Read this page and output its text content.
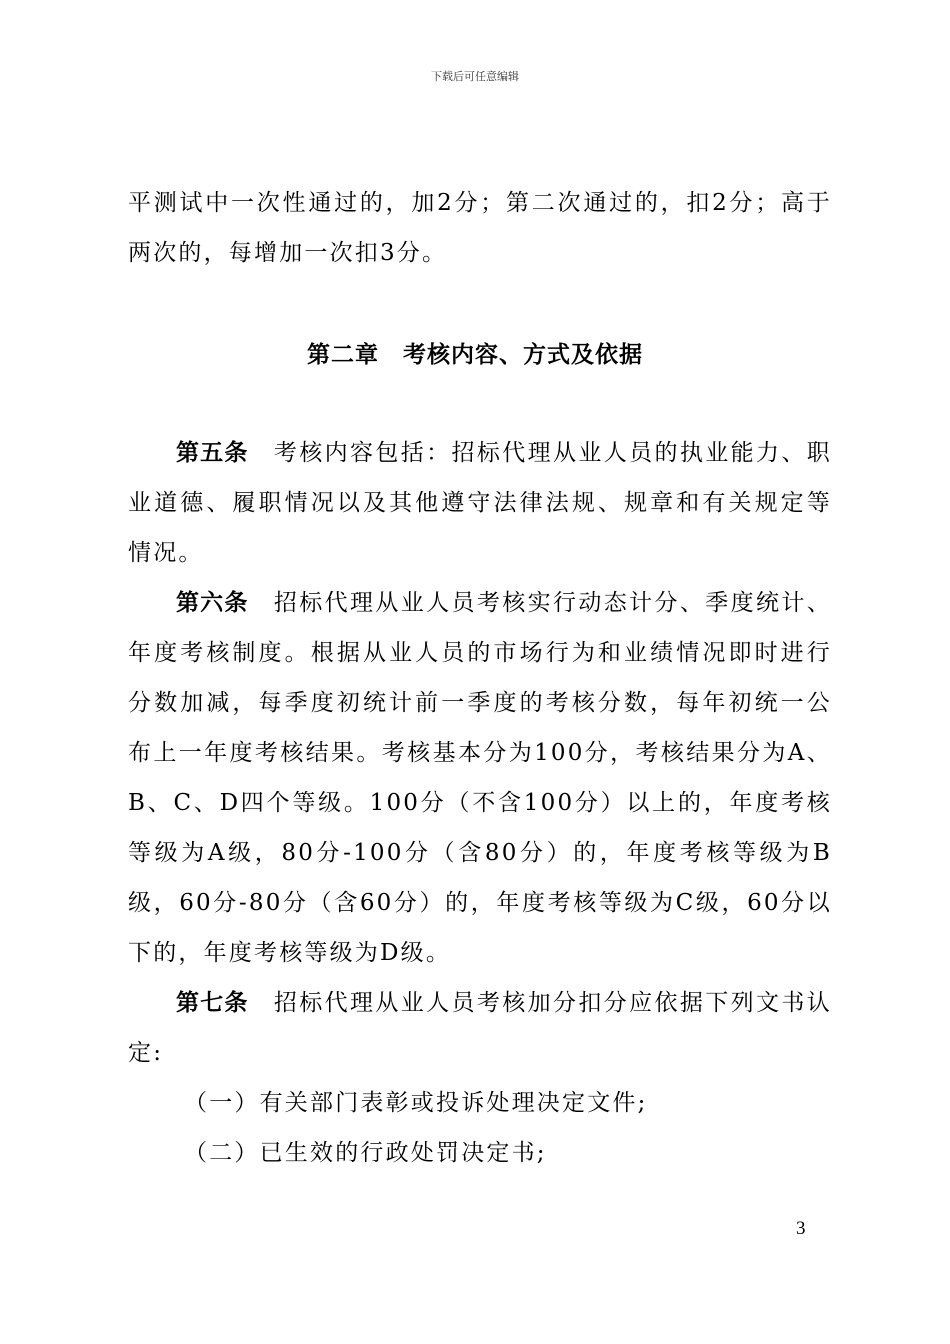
下载后可任意编辑

平测试中一次性通过的，加2分；第二次通过的，扣2分；高于两次的，每增加一次扣3分。

第二章　考核内容、方式及依据

第五条　考核内容包括：招标代理从业人员的执业能力、职业道德、履职情况以及其他遵守法律法规、规章和有关规定等情况。

第六条　招标代理从业人员考核实行动态计分、季度统计、年度考核制度。根据从业人员的市场行为和业绩情况即时进行分数加减，每季度初统计前一季度的考核分数，每年初统一公布上一年度考核结果。考核基本分为100分，考核结果分为A、B、C、D四个等级。100分（不含100分）以上的，年度考核等级为A级，80分-100分（含80分）的，年度考核等级为B级，60分-80分（含60分）的，年度考核等级为C级，60分以下的，年度考核等级为D级。

第七条　招标代理从业人员考核加分扣分应依据下列文书认定:

（一）有关部门表彰或投诉处理决定文件;

（二）已生效的行政处罚决定书;

3
